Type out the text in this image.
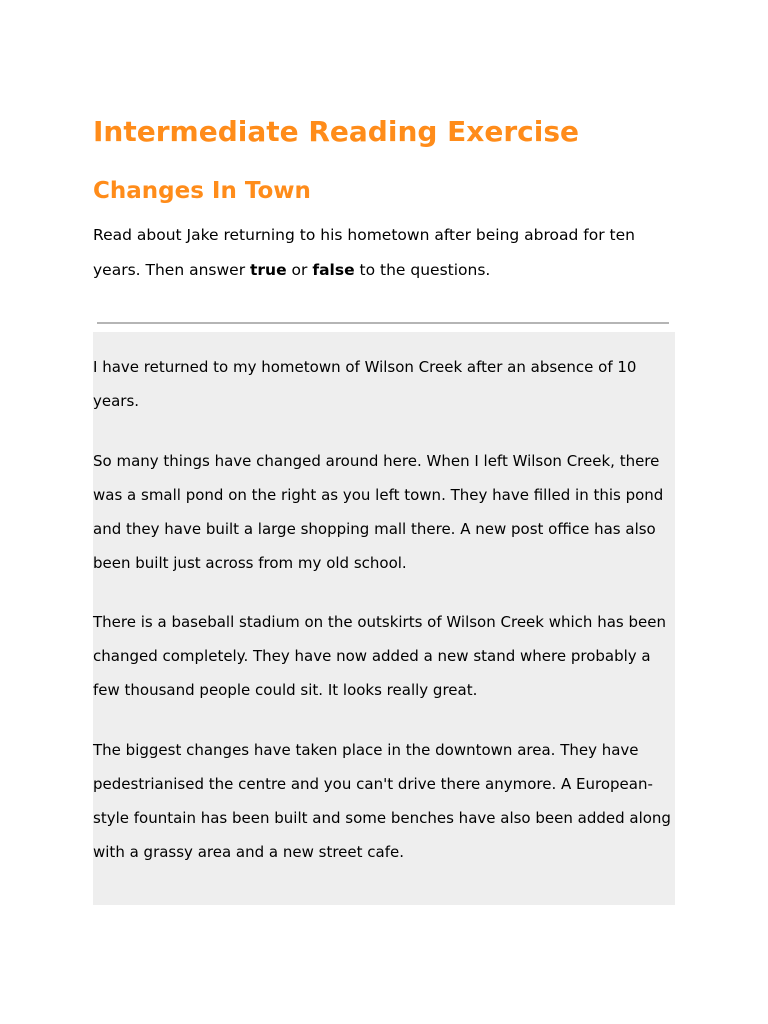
Intermediate Reading Exercise
Changes In Town

Read about Jake returning to his hometown after being abroad for ten years. Then answer true or false to the questions.

I have returned to my hometown of Wilson Creek after an absence of 10 years.

So many things have changed around here. When I left Wilson Creek, there was a small pond on the right as you left town. They have filled in this pond and they have built a large shopping mall there. A new post office has also been built just across from my old school.

There is a baseball stadium on the outskirts of Wilson Creek which has been changed completely. They have now added a new stand where probably a few thousand people could sit. It looks really great.

The biggest changes have taken place in the downtown area. They have pedestrianised the centre and you can't drive there anymore. A European-style fountain has been built and some benches have also been added along with a grassy area and a new street cafe.
